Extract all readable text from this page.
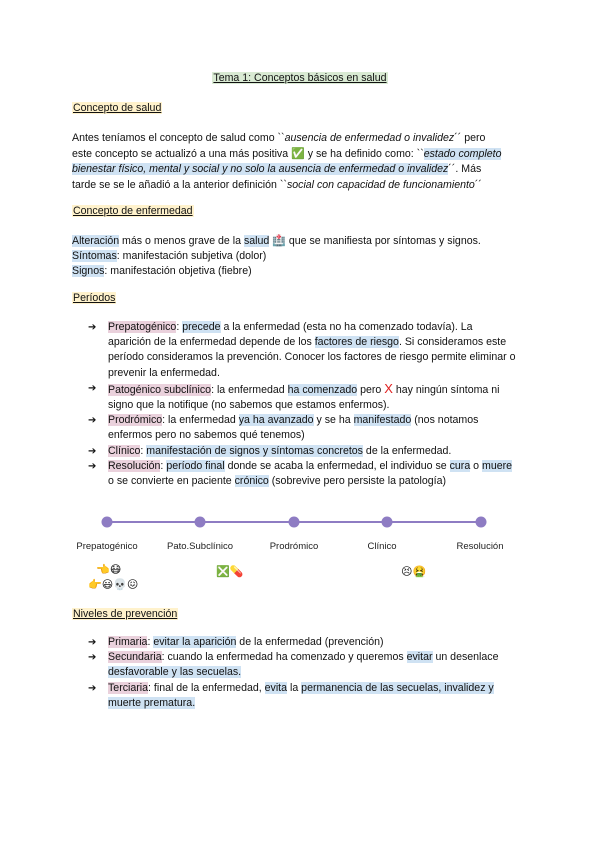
Tema 1: Conceptos básicos en salud
Concepto de salud
Antes teníamos el concepto de salud como ``ausencia de enfermedad o invalidez´´ pero
este concepto se actualizó a una más positiva ✅ y se ha definido como: ``estado completo
bienestar físico, mental y social y no solo la ausencia de enfermedad o invalidez´´. Más
tarde se se le añadió a la anterior definición ``social con capacidad de funcionamiento´´
Concepto de enfermedad
Alteración más o menos grave de la salud 🏥 que se manifiesta por síntomas y signos.
Síntomas: manifestación subjetiva (dolor)
Signos: manifestación objetiva (fiebre)
Períodos
➔ Prepatogénico: precede a la enfermedad (esta no ha comenzado todavía). La aparición de la enfermedad depende de los factores de riesgo. Si consideramos este período consideramos la prevención. Conocer los factores de riesgo permite eliminar o prevenir la enfermedad.
➔ Patogénico subclínico: la enfermedad ha comenzado pero X hay ningún síntoma ni signo que la notifique (no sabemos que estamos enfermos).
➔ Prodrómico: la enfermedad ya ha avanzado y se ha manifestado (nos notamos enfermos pero no sabemos qué tenemos)
➔ Clínico: manifestación de signos y síntomas concretos de la enfermedad.
➔ Resolución: período final donde se acaba la enfermedad, el individuo se cura o muere o se convierte en paciente crónico (sobrevive pero persiste la patología)
Prepatogénico	Pato.Subclínico	Prodrómico	Clínico	Resolución
👈😷
👉😃💀😖
❎💊	😣🤮
Niveles de prevención
➔ Primaria: evitar la aparición de la enfermedad (prevención)
➔ Secundaria: cuando la enfermedad ha comenzado y queremos evitar un desenlace desfavorable y las secuelas.
➔ Terciaria: final de la enfermedad, evita la permanencia de las secuelas, invalidez y muerte prematura.
